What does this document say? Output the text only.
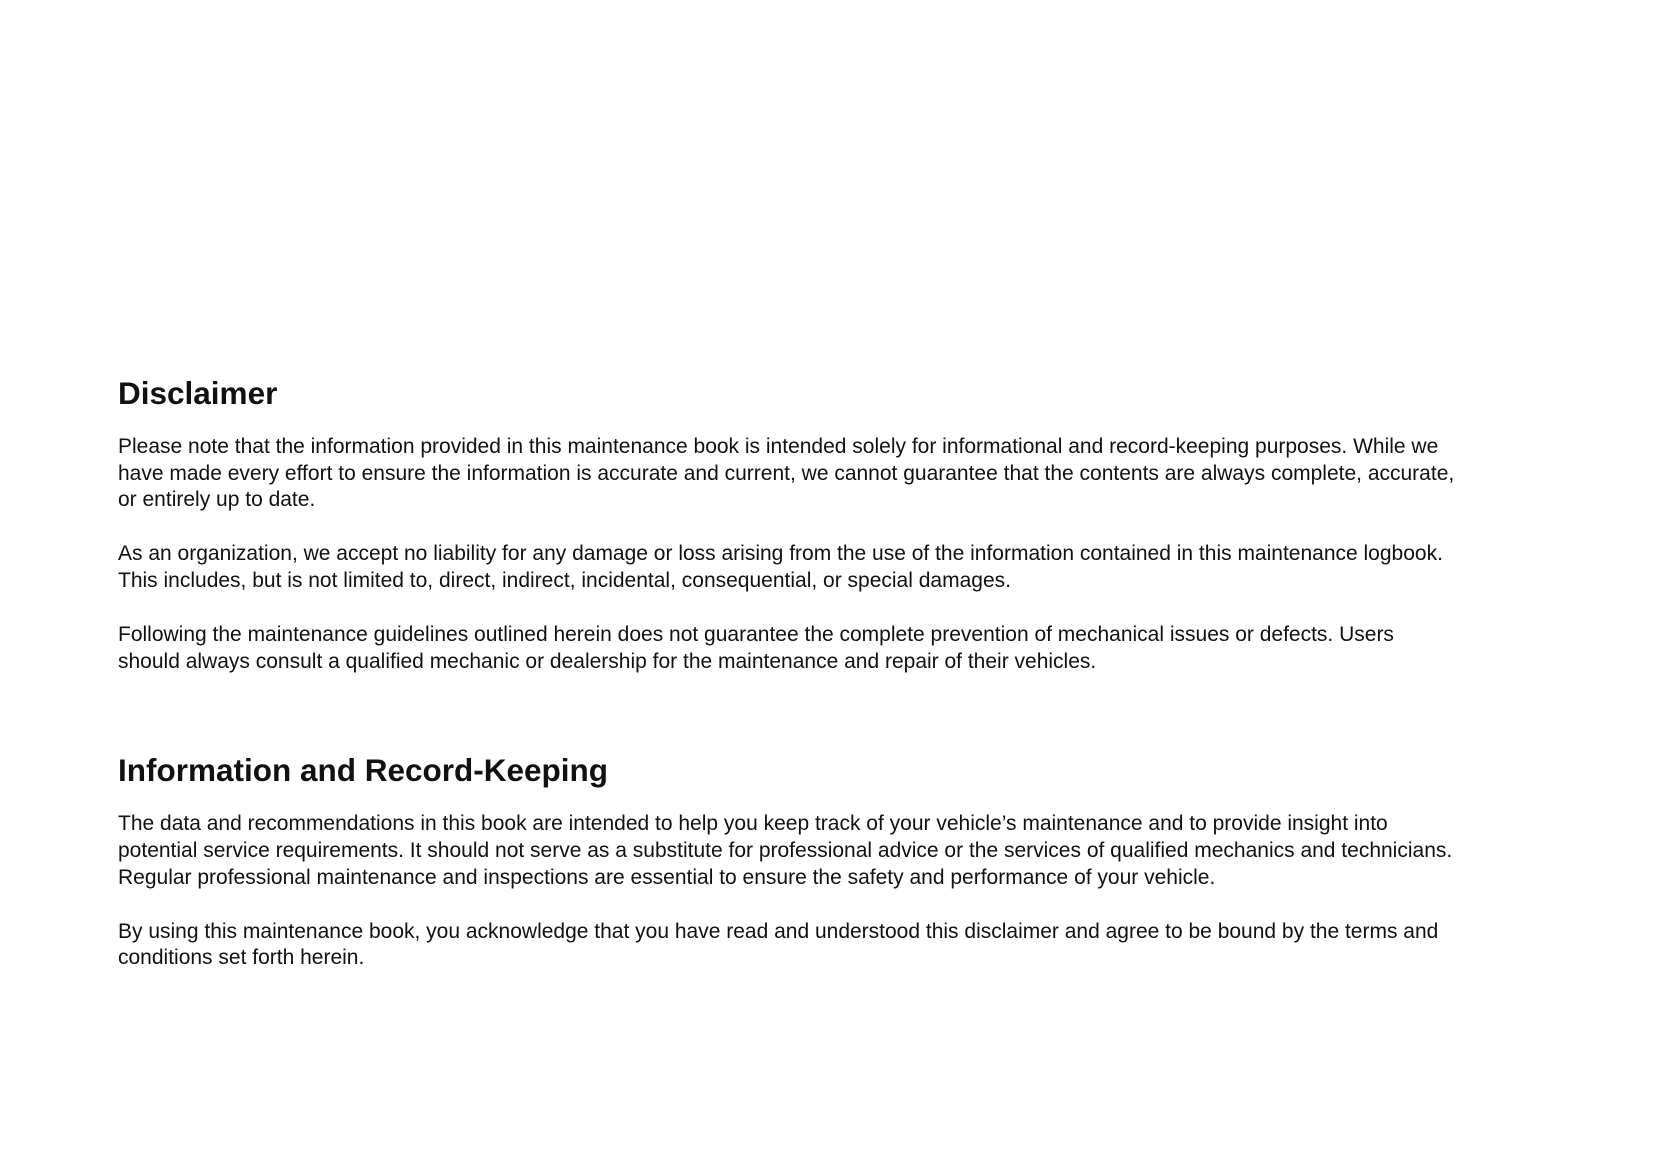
Disclaimer

Please note that the information provided in this maintenance book is intended solely for informational and record-keeping purposes. While we have made every effort to ensure the information is accurate and current, we cannot guarantee that the contents are always complete, accurate, or entirely up to date.

As an organization, we accept no liability for any damage or loss arising from the use of the information contained in this maintenance logbook. This includes, but is not limited to, direct, indirect, incidental, consequential, or special damages.

Following the maintenance guidelines outlined herein does not guarantee the complete prevention of mechanical issues or defects. Users should always consult a qualified mechanic or dealership for the maintenance and repair of their vehicles.

Information and Record-Keeping

The data and recommendations in this book are intended to help you keep track of your vehicle’s maintenance and to provide insight into potential service requirements. It should not serve as a substitute for professional advice or the services of qualified mechanics and technicians. Regular professional maintenance and inspections are essential to ensure the safety and performance of your vehicle.

By using this maintenance book, you acknowledge that you have read and understood this disclaimer and agree to be bound by the terms and conditions set forth herein.
